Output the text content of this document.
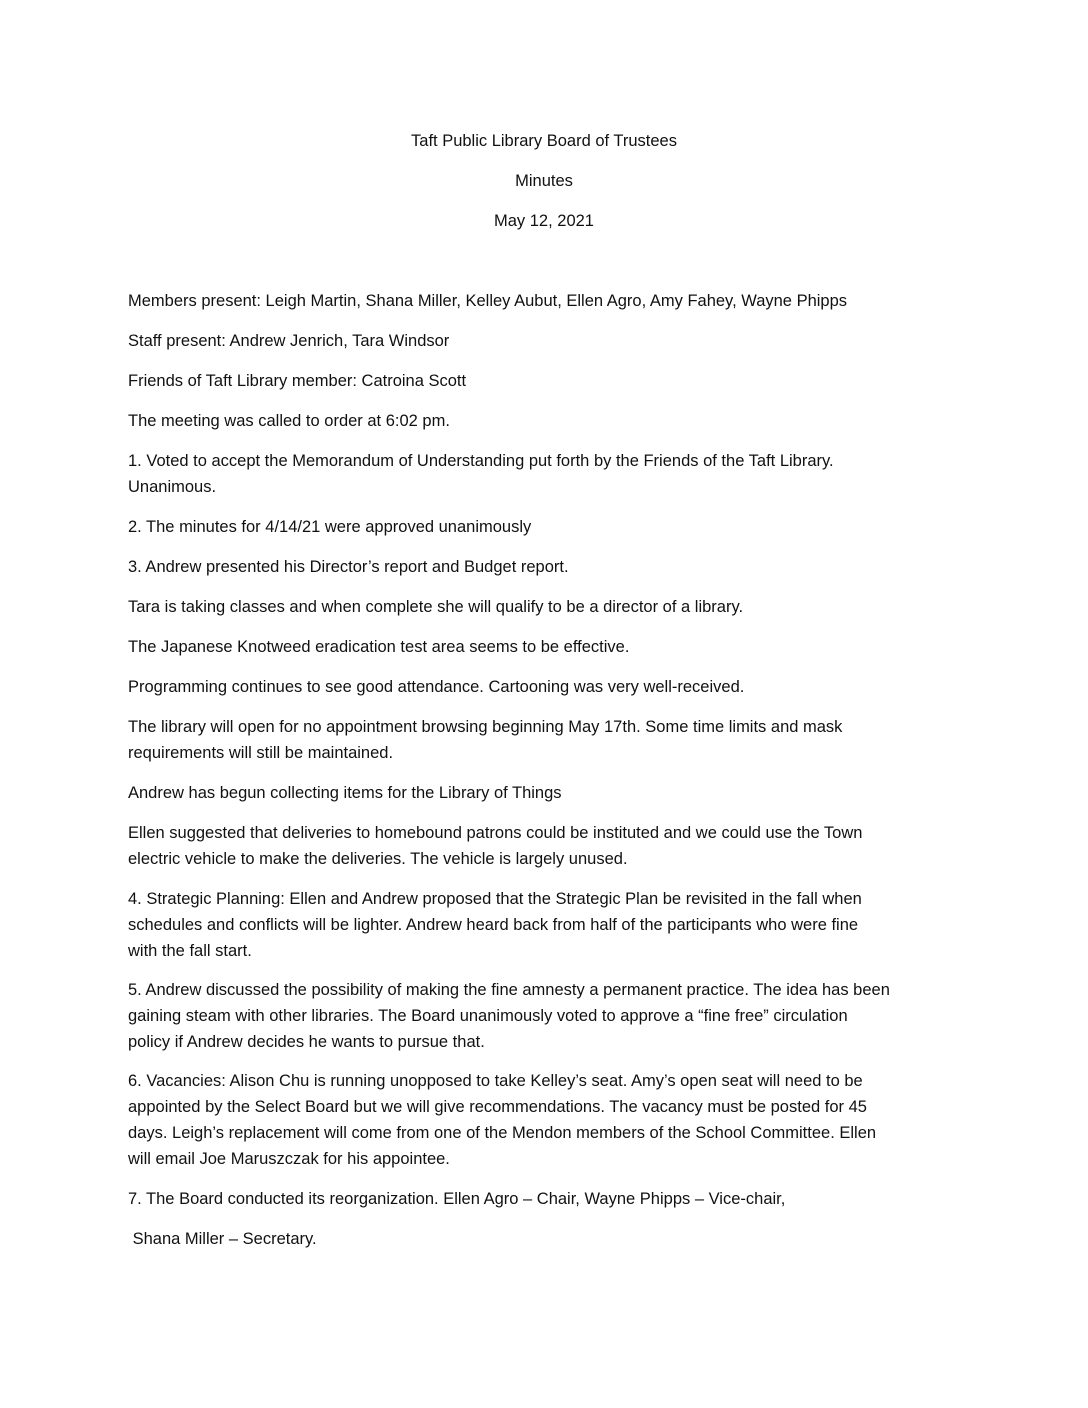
Taft Public Library Board of Trustees
Minutes
May 12, 2021

Members present: Leigh Martin, Shana Miller, Kelley Aubut, Ellen Agro, Amy Fahey, Wayne Phipps

Staff present: Andrew Jenrich, Tara Windsor

Friends of Taft Library member: Catroina Scott

The meeting was called to order at 6:02 pm.

1. Voted to accept the Memorandum of Understanding put forth by the Friends of the Taft Library.
Unanimous.

2. The minutes for 4/14/21 were approved unanimously

3. Andrew presented his Director’s report and Budget report.

Tara is taking classes and when complete she will qualify to be a director of a library.

The Japanese Knotweed eradication test area seems to be effective.

Programming continues to see good attendance. Cartooning was very well-received.

The library will open for no appointment browsing beginning May 17th. Some time limits and mask
requirements will still be maintained.

Andrew has begun collecting items for the Library of Things

Ellen suggested that deliveries to homebound patrons could be instituted and we could use the Town
electric vehicle to make the deliveries. The vehicle is largely unused.

4. Strategic Planning: Ellen and Andrew proposed that the Strategic Plan be revisited in the fall when
schedules and conflicts will be lighter. Andrew heard back from half of the participants who were fine
with the fall start.

5. Andrew discussed the possibility of making the fine amnesty a permanent practice. The idea has been
gaining steam with other libraries. The Board unanimously voted to approve a “fine free” circulation
policy if Andrew decides he wants to pursue that.

6. Vacancies: Alison Chu is running unopposed to take Kelley’s seat. Amy’s open seat will need to be
appointed by the Select Board but we will give recommendations. The vacancy must be posted for 45
days. Leigh’s replacement will come from one of the Mendon members of the School Committee. Ellen
will email Joe Maruszczak for his appointee.

7. The Board conducted its reorganization. Ellen Agro – Chair, Wayne Phipps – Vice-chair,

Shana Miller – Secretary.
